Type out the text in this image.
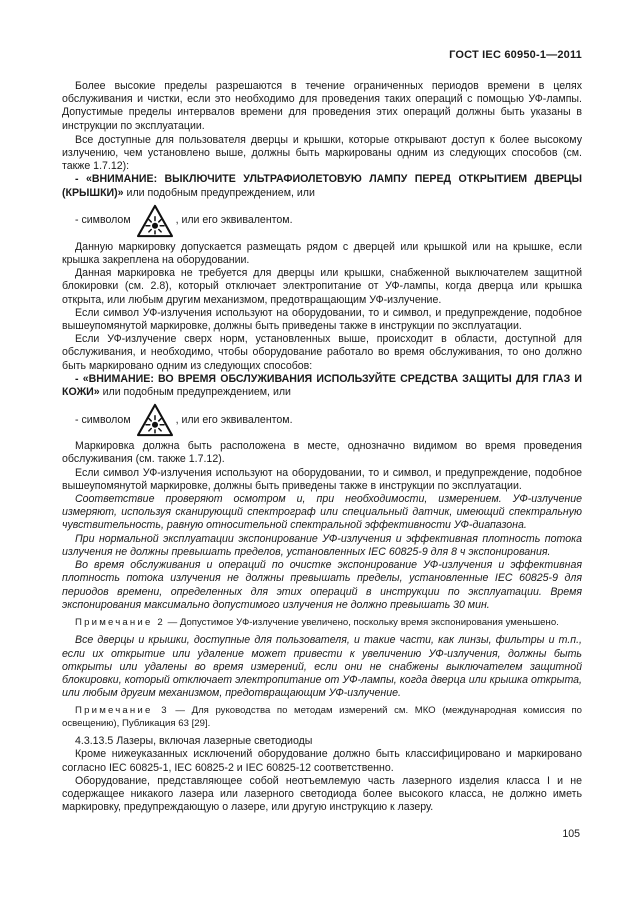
ГОСТ IEC 60950-1—2011

Более высокие пределы разрешаются в течение ограниченных периодов времени в целях обслуживания и чистки, если это необходимо для проведения таких операций с помощью УФ-лампы. Допустимые пределы интервалов времени для проведения этих операций должны быть указаны в инструкции по эксплуатации.

Все доступные для пользователя дверцы и крышки, которые открывают доступ к более высокому излучению, чем установлено выше, должны быть маркированы одним из следующих способов (см. также 1.7.12):

- «ВНИМАНИЕ: ВЫКЛЮЧИТЕ УЛЬТРАФИОЛЕТОВУЮ ЛАМПУ ПЕРЕД ОТКРЫТИЕМ ДВЕРЦЫ (КРЫШКИ)» или подобным предупреждением, или

- символом	, или его эквивалентом.

Данную маркировку допускается размещать рядом с дверцей или крышкой или на крышке, если крышка закреплена на оборудовании.

Данная маркировка не требуется для дверцы или крышки, снабженной выключателем защитной блокировки (см. 2.8), который отключает электропитание от УФ-лампы, когда дверца или крышка открыта, или любым другим механизмом, предотвращающим УФ-излучение.

Если символ УФ-излучения используют на оборудовании, то и символ, и предупреждение, подобное вышеупомянутой маркировке, должны быть приведены также в инструкции по эксплуатации.

Если УФ-излучение сверх норм, установленных выше, происходит в области, доступной для обслуживания, и необходимо, чтобы оборудование работало во время обслуживания, то оно должно быть маркировано одним из следующих способов:

- «ВНИМАНИЕ: ВО ВРЕМЯ ОБСЛУЖИВАНИЯ ИСПОЛЬЗУЙТЕ СРЕДСТВА ЗАЩИТЫ ДЛЯ ГЛАЗ И КОЖИ» или подобным предупреждением, или

- символом	, или его эквивалентом.

Маркировка должна быть расположена в месте, однозначно видимом во время проведения обслуживания (см. также 1.7.12).

Если символ УФ-излучения используют на оборудовании, то и символ, и предупреждение, подобное вышеупомянутой маркировке, должны быть приведены также в инструкции по эксплуатации.

Соответствие проверяют осмотром и, при необходимости, измерением. УФ-излучение измеряют, используя сканирующий спектрограф или специальный датчик, имеющий спектральную чувствительность, равную относительной спектральной эффективности УФ-диапазона.

При нормальной эксплуатации экспонирование УФ-излучения и эффективная плотность потока излучения не должны превышать пределов, установленных IEC 60825-9 для 8 ч экспонирования.

Во время обслуживания и операций по очистке экспонирование УФ-излучения и эффективная плотность потока излучения не должны превышать пределы, установленные IEC 60825-9 для периодов времени, определенных для этих операций в инструкции по эксплуатации. Время экспонирования максимально допустимого излучения не должно превышать 30 мин.

Примечание 2 — Допустимое УФ-излучение увеличено, поскольку время экспонирования уменьшено.

Все дверцы и крышки, доступные для пользователя, и такие части, как линзы, фильтры и т.п., если их открытие или удаление может привести к увеличению УФ-излучения, должны быть открыты или удалены во время измерений, если они не снабжены выключателем защитной блокировки, который отключает электропитание от УФ-лампы, когда дверца или крышка открыта, или любым другим механизмом, предотвращающим УФ-излучение.

Примечание 3 — Для руководства по методам измерений см. МКО (международная комиссия по освещению), Публикация 63 [29].

4.3.13.5 Лазеры, включая лазерные светодиоды

Кроме нижеуказанных исключений оборудование должно быть классифицировано и маркировано согласно IEC 60825-1, IEC 60825-2 и IEC 60825-12 соответственно.

Оборудование, представляющее собой неотъемлемую часть лазерного изделия класса I и не содержащее никакого лазера или лазерного светодиода более высокого класса, не должно иметь маркировку, предупреждающую о лазере, или другую инструкцию к лазеру.

105
